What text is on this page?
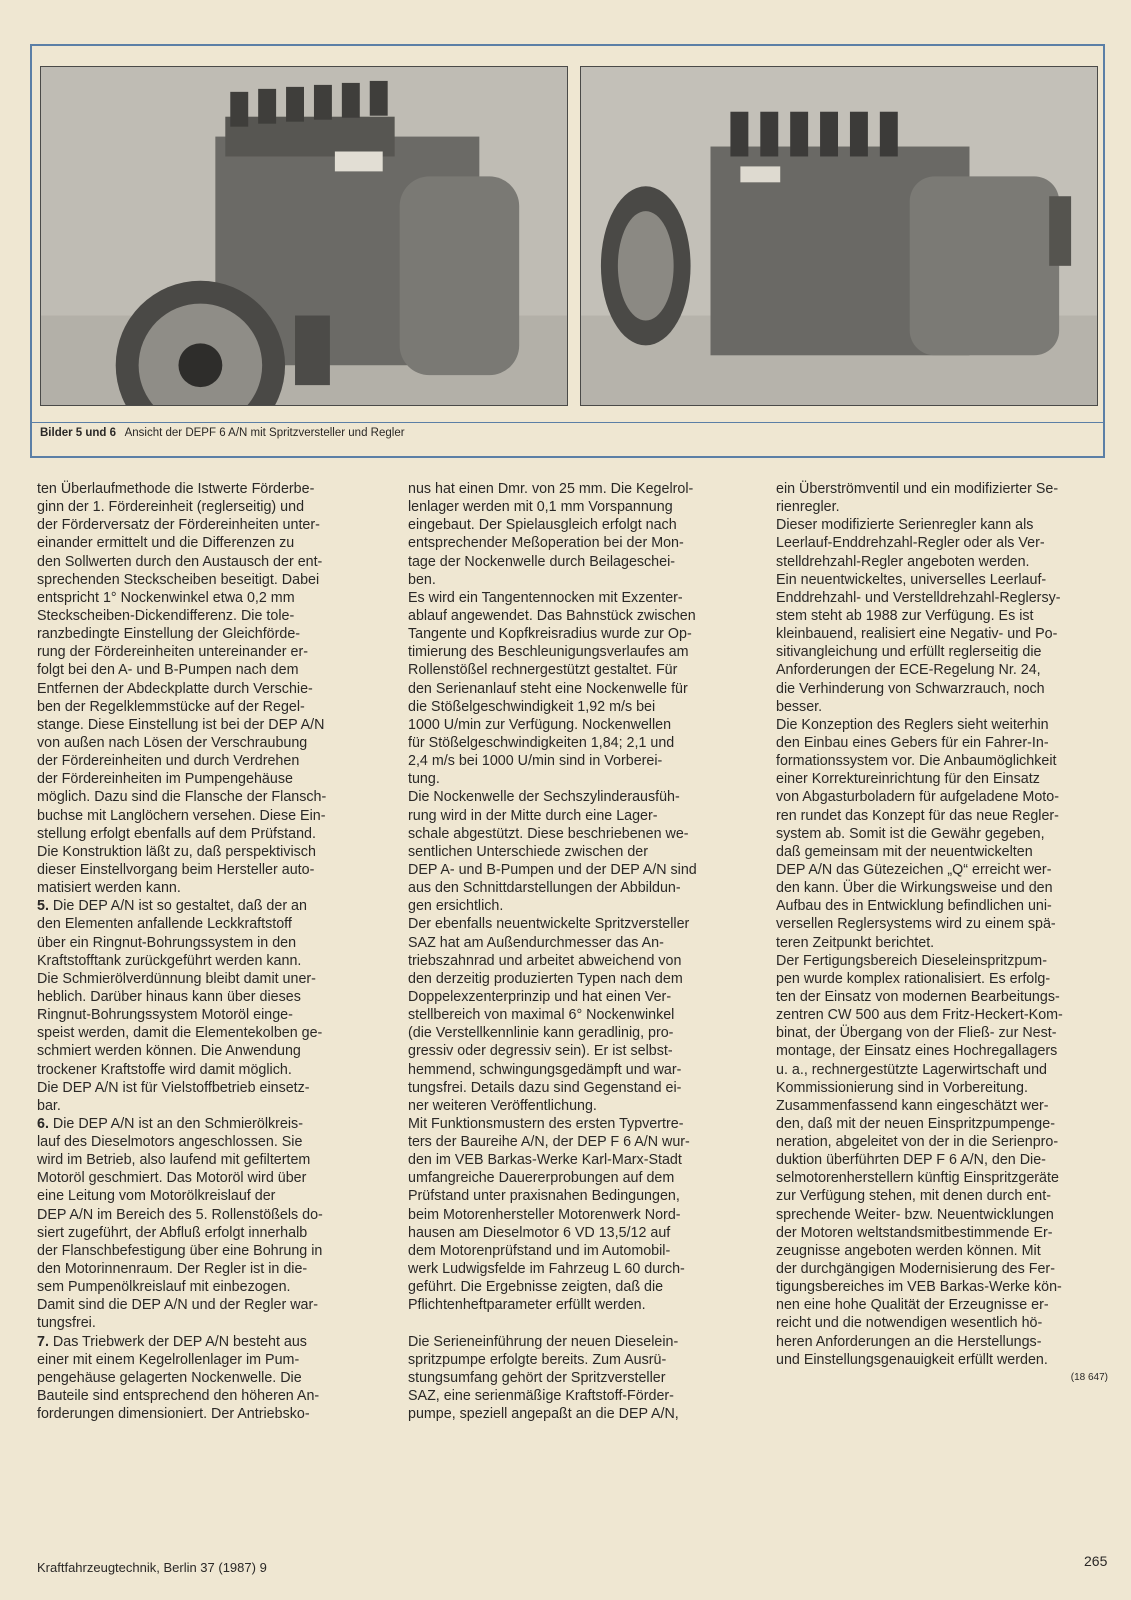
Bilder 5 und 6 Ansicht der DEPF 6 A/N mit Spritzversteller und Regler
ten Überlaufmethode die Istwerte Förderbe-
ginn der 1. Fördereinheit (reglerseitig) und
der Förderversatz der Fördereinheiten unter-
einander ermittelt und die Differenzen zu
den Sollwerten durch den Austausch der ent-
sprechenden Steckscheiben beseitigt. Dabei
entspricht 1° Nockenwinkel etwa 0,2 mm
Steckscheiben-Dickendifferenz. Die tole-
ranzbedingte Einstellung der Gleichförde-
rung der Fördereinheiten untereinander er-
folgt bei den A- und B-Pumpen nach dem
Entfernen der Abdeckplatte durch Verschie-
ben der Regelklemmstücke auf der Regel-
stange. Diese Einstellung ist bei der DEP A/N
von außen nach Lösen der Verschraubung
der Fördereinheiten und durch Verdrehen
der Fördereinheiten im Pumpengehäuse
möglich. Dazu sind die Flansche der Flansch-
buchse mit Langlöchern versehen. Diese Ein-
stellung erfolgt ebenfalls auf dem Prüfstand.
Die Konstruktion läßt zu, daß perspektivisch
dieser Einstellvorgang beim Hersteller auto-
matisiert werden kann.
5. Die DEP A/N ist so gestaltet, daß der an
den Elementen anfallende Leckkraftstoff
über ein Ringnut-Bohrungssystem in den
Kraftstofftank zurückgeführt werden kann.
Die Schmierölverdünnung bleibt damit uner-
heblich. Darüber hinaus kann über dieses
Ringnut-Bohrungssystem Motoröl einge-
speist werden, damit die Elementekolben ge-
schmiert werden können. Die Anwendung
trockener Kraftstoffe wird damit möglich.
Die DEP A/N ist für Vielstoffbetrieb einsetz-
bar.
6. Die DEP A/N ist an den Schmierölkreis-
lauf des Dieselmotors angeschlossen. Sie
wird im Betrieb, also laufend mit gefiltertem
Motoröl geschmiert. Das Motoröl wird über
eine Leitung vom Motorölkreislauf der
DEP A/N im Bereich des 5. Rollenstößels do-
siert zugeführt, der Abfluß erfolgt innerhalb
der Flanschbefestigung über eine Bohrung in
den Motorinnenraum. Der Regler ist in die-
sem Pumpenölkreislauf mit einbezogen.
Damit sind die DEP A/N und der Regler war-
tungsfrei.
7. Das Triebwerk der DEP A/N besteht aus
einer mit einem Kegelrollenlager im Pum-
pengehäuse gelagerten Nockenwelle. Die
Bauteile sind entsprechend den höheren An-
forderungen dimensioniert. Der Antriebsko-
nus hat einen Dmr. von 25 mm. Die Kegelrol-
lenlager werden mit 0,1 mm Vorspannung
eingebaut. Der Spielausgleich erfolgt nach
entsprechender Meßoperation bei der Mon-
tage der Nockenwelle durch Beilageschei-
ben.
Es wird ein Tangentennocken mit Exzenter-
ablauf angewendet. Das Bahnstück zwischen
Tangente und Kopfkreisradius wurde zur Op-
timierung des Beschleunigungsverlaufes am
Rollenstößel rechnergestützt gestaltet. Für
den Serienanlauf steht eine Nockenwelle für
die Stößelgeschwindigkeit 1,92 m/s bei
1000 U/min zur Verfügung. Nockenwellen
für Stößelgeschwindigkeiten 1,84; 2,1 und
2,4 m/s bei 1000 U/min sind in Vorberei-
tung.
Die Nockenwelle der Sechszylinderausfüh-
rung wird in der Mitte durch eine Lager-
schale abgestützt. Diese beschriebenen we-
sentlichen Unterschiede zwischen der
DEP A- und B-Pumpen und der DEP A/N sind
aus den Schnittdarstellungen der Abbildun-
gen ersichtlich.
Der ebenfalls neuentwickelte Spritzversteller
SAZ hat am Außendurchmesser das An-
triebszahnrad und arbeitet abweichend von
den derzeitig produzierten Typen nach dem
Doppelexzenterprinzip und hat einen Ver-
stellbereich von maximal 6° Nockenwinkel
(die Verstellkennlinie kann geradlinig, pro-
gressiv oder degressiv sein). Er ist selbst-
hemmend, schwingungsgedämpft und war-
tungsfrei. Details dazu sind Gegenstand ei-
ner weiteren Veröffentlichung.
Mit Funktionsmustern des ersten Typvertre-
ters der Baureihe A/N, der DEP F 6 A/N wur-
den im VEB Barkas-Werke Karl-Marx-Stadt
umfangreiche Dauererprobungen auf dem
Prüfstand unter praxisnahen Bedingungen,
beim Motorenhersteller Motorenwerk Nord-
hausen am Dieselmotor 6 VD 13,5/12 auf
dem Motorenprüfstand und im Automobil-
werk Ludwigsfelde im Fahrzeug L 60 durch-
geführt. Die Ergebnisse zeigten, daß die
Pflichtenheftparameter erfüllt werden.
Die Serieneinführung der neuen Dieselein-
spritzpumpe erfolgte bereits. Zum Ausrü-
stungsumfang gehört der Spritzversteller
SAZ, eine serienmäßige Kraftstoff-Förder-
pumpe, speziell angepaßt an die DEP A/N,
ein Überströmventil und ein modifizierter Se-
rienregler.
Dieser modifizierte Serienregler kann als
Leerlauf-Enddrehzahl-Regler oder als Ver-
stelldrehzahl-Regler angeboten werden.
Ein neuentwickeltes, universelles Leerlauf-
Enddrehzahl- und Verstelldrehzahl-Reglersy-
stem steht ab 1988 zur Verfügung. Es ist
kleinbauend, realisiert eine Negativ- und Po-
sitivangleichung und erfüllt reglerseitig die
Anforderungen der ECE-Regelung Nr. 24,
die Verhinderung von Schwarzrauch, noch
besser.
Die Konzeption des Reglers sieht weiterhin
den Einbau eines Gebers für ein Fahrer-In-
formationssystem vor. Die Anbaumöglichkeit
einer Korrektureinrichtung für den Einsatz
von Abgasturboladern für aufgeladene Moto-
ren rundet das Konzept für das neue Regler-
system ab. Somit ist die Gewähr gegeben,
daß gemeinsam mit der neuentwickelten
DEP A/N das Gütezeichen „Q“ erreicht wer-
den kann. Über die Wirkungsweise und den
Aufbau des in Entwicklung befindlichen uni-
versellen Reglersystems wird zu einem spä-
teren Zeitpunkt berichtet.
Der Fertigungsbereich Dieseleinspritzpum-
pen wurde komplex rationalisiert. Es erfolg-
ten der Einsatz von modernen Bearbeitungs-
zentren CW 500 aus dem Fritz-Heckert-Kom-
binat, der Übergang von der Fließ- zur Nest-
montage, der Einsatz eines Hochregallagers
u. a., rechnergestützte Lagerwirtschaft und
Kommissionierung sind in Vorbereitung.
Zusammenfassend kann eingeschätzt wer-
den, daß mit der neuen Einspritzpumpenge-
neration, abgeleitet von der in die Serienpro-
duktion überführten DEP F 6 A/N, den Die-
selmotorenherstellern künftig Einspritzgeräte
zur Verfügung stehen, mit denen durch ent-
sprechende Weiter- bzw. Neuentwicklungen
der Motoren weltstandsmitbestimmende Er-
zeugnisse angeboten werden können. Mit
der durchgängigen Modernisierung des Fer-
tigungsbereiches im VEB Barkas-Werke kön-
nen eine hohe Qualität der Erzeugnisse er-
reicht und die notwendigen wesentlich hö-
heren Anforderungen an die Herstellungs-
und Einstellungsgenauigkeit erfüllt werden.
(18 647)
Kraftfahrzeugtechnik, Berlin 37 (1987) 9	265
